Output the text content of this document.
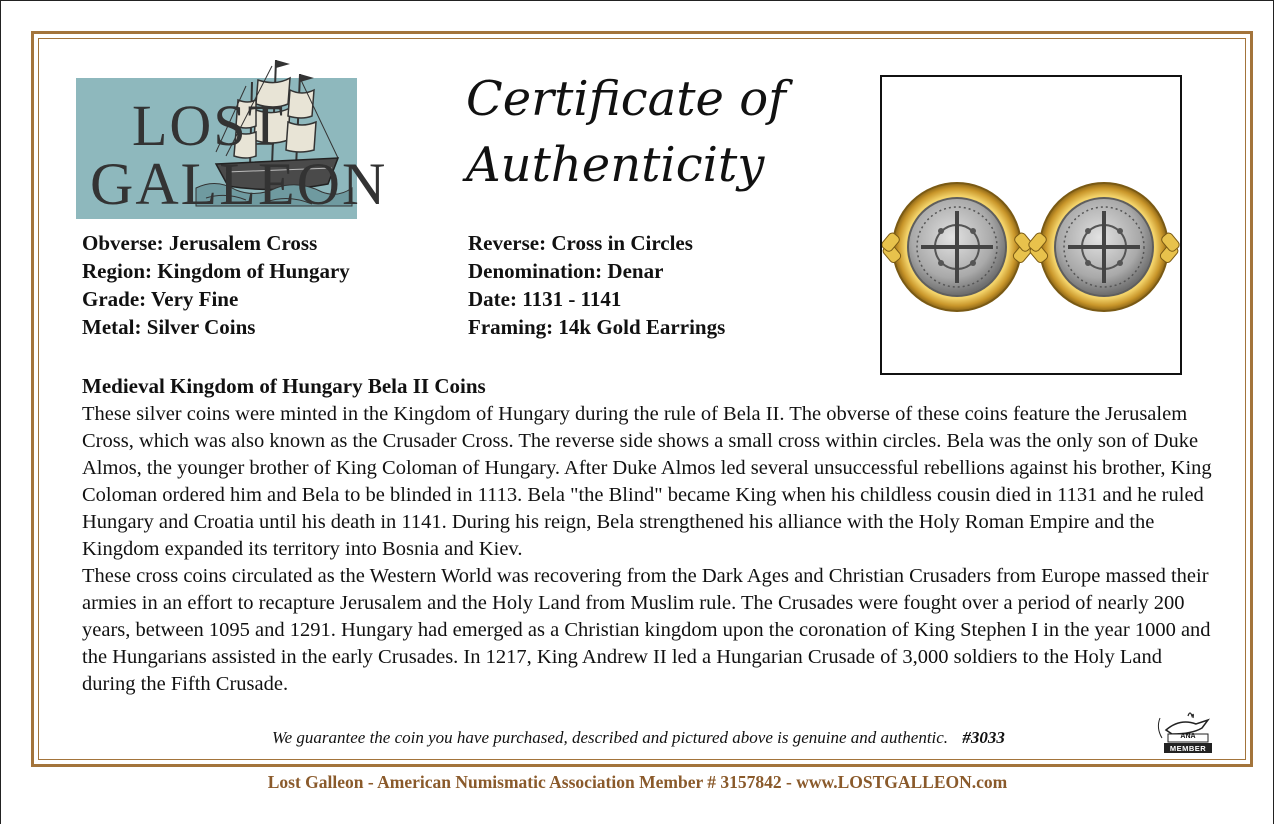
LOST
GALLEON
Certificate of
Authenticity
Obverse: Jerusalem Cross
Region: Kingdom of Hungary
Grade: Very Fine
Metal: Silver Coins
Reverse: Cross in Circles
Denomination: Denar
Date: 1131 - 1141
Framing: 14k Gold Earrings
Medieval Kingdom of Hungary Bela II Coins

These silver coins were minted in the Kingdom of Hungary during the rule of Bela II. The obverse of these coins feature the Jerusalem Cross, which was also known as the Crusader Cross. The reverse side shows a small cross within circles. Bela was the only son of Duke Almos, the younger brother of King Coloman of Hungary. After Duke Almos led several unsuccessful rebellions against his brother, King Coloman ordered him and Bela to be blinded in 1113. Bela "the Blind" became King when his childless cousin died in 1131 and he ruled Hungary and Croatia until his death in 1141. During his reign, Bela strengthened his alliance with the Holy Roman Empire and the Kingdom expanded its territory into Bosnia and Kiev.

These cross coins circulated as the Western World was recovering from the Dark Ages and Christian Crusaders from Europe massed their armies in an effort to recapture Jerusalem and the Holy Land from Muslim rule. The Crusades were fought over a period of nearly 200 years, between 1095 and 1291. Hungary had emerged as a Christian kingdom upon the coronation of King Stephen I in the year 1000 and the Hungarians assisted in the early Crusades. In 1217, King Andrew II led a Hungarian Crusade of 3,000 soldiers to the Holy Land during the Fifth Crusade.

We guarantee the coin you have purchased, described and pictured above is genuine and authentic. #3033	ANA
MEMBER
Lost Galleon - American Numismatic Association Member # 3157842 - www.LOSTGALLEON.com
